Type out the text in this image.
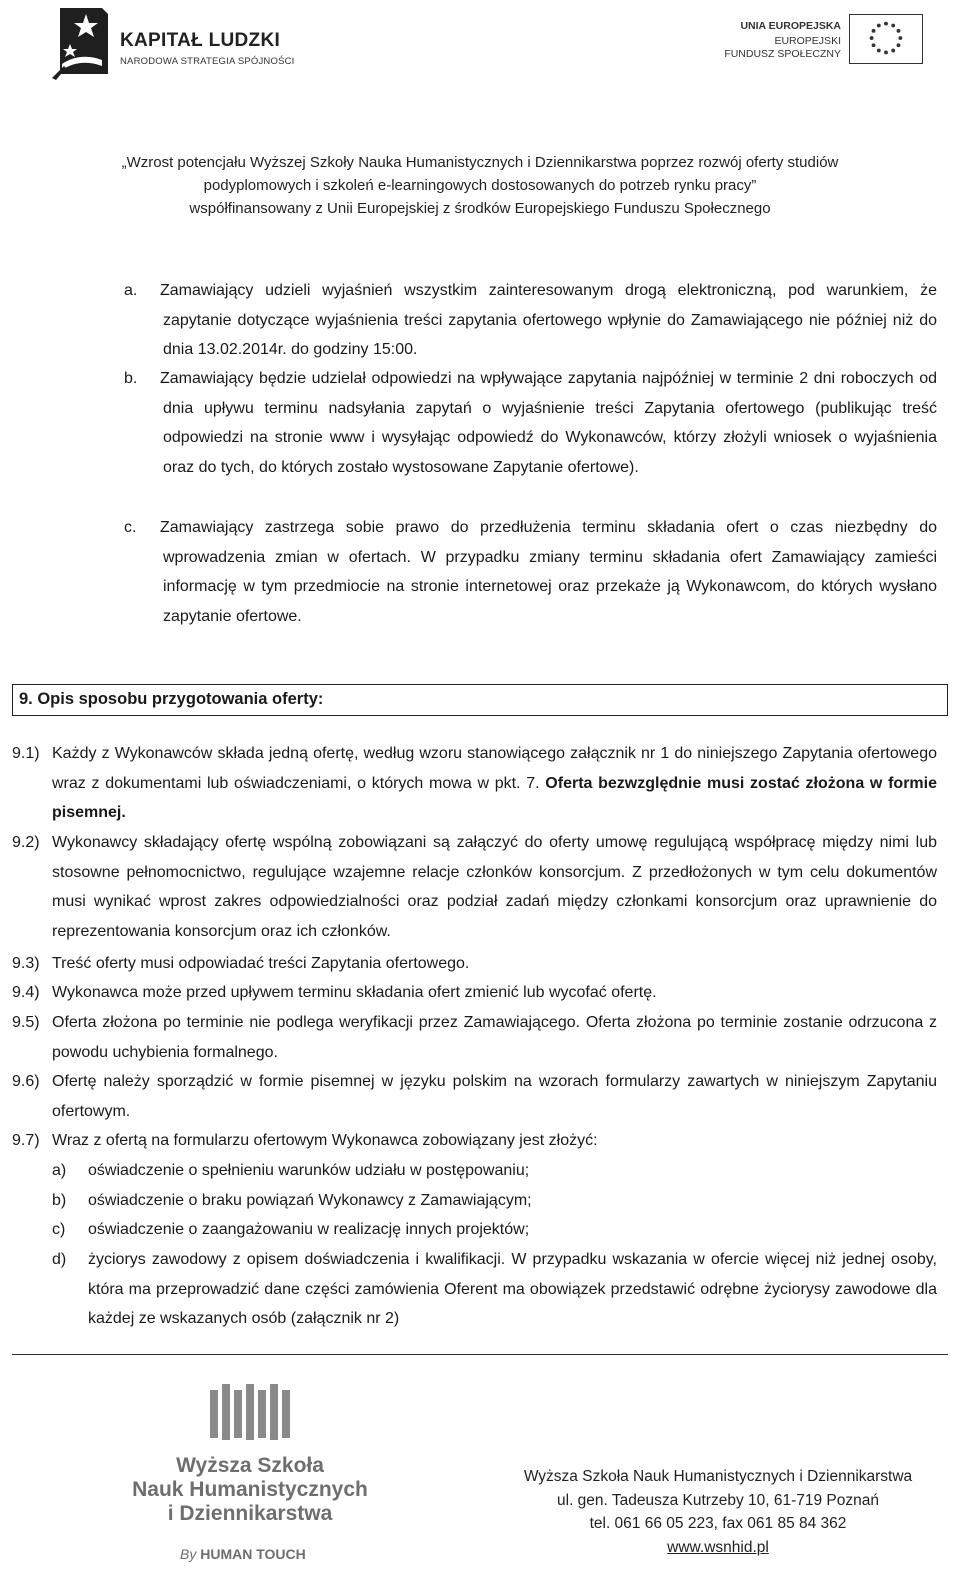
KAPITAŁ LUDZKI
NARODOWA STRATEGIA SPÓJNOŚCI
UNIA EUROPEJSKA
EUROPEJSKI
FUNDUSZ SPOŁECZNY
„Wzrost potencjału Wyższej Szkoły Nauka Humanistycznych i Dziennikarstwa poprzez rozwój oferty studiów
podyplomowych i szkoleń e-learningowych dostosowanych do potrzeb rynku pracy”
współfinansowany z Unii Europejskiej z środków Europejskiego Funduszu Społecznego
a. Zamawiający udzieli wyjaśnień wszystkim zainteresowanym drogą elektroniczną, pod warunkiem, że zapytanie dotyczące wyjaśnienia treści zapytania ofertowego wpłynie do Zamawiającego nie później niż do dnia 13.02.2014r. do godziny 15:00.
b. Zamawiający będzie udzielał odpowiedzi na wpływające zapytania najpóźniej w terminie 2 dni roboczych od dnia upływu terminu nadsyłania zapytań o wyjaśnienie treści Zapytania ofertowego (publikując treść odpowiedzi na stronie www i wysyłając odpowiedź do Wykonawców, którzy złożyli wniosek o wyjaśnienia oraz do tych, do których zostało wystosowane Zapytanie ofertowe).
c. Zamawiający zastrzega sobie prawo do przedłużenia terminu składania ofert o czas niezbędny do wprowadzenia zmian w ofertach. W przypadku zmiany terminu składania ofert Zamawiający zamieści informację w tym przedmiocie na stronie internetowej oraz przekaże ją Wykonawcom, do których wysłano zapytanie ofertowe.
9. Opis sposobu przygotowania oferty:
9.1) Każdy z Wykonawców składa jedną ofertę, według wzoru stanowiącego załącznik nr 1 do niniejszego Zapytania ofertowego wraz z dokumentami lub oświadczeniami, o których mowa w pkt. 7. Oferta bezwzględnie musi zostać złożona w formie pisemnej.
9.2) Wykonawcy składający ofertę wspólną zobowiązani są załączyć do oferty umowę regulującą współpracę między nimi lub stosowne pełnomocnictwo, regulujące wzajemne relacje członków konsorcjum. Z przedłożonych w tym celu dokumentów musi wynikać wprost zakres odpowiedzialności oraz podział zadań między członkami konsorcjum oraz uprawnienie do reprezentowania konsorcjum oraz ich członków.
9.3) Treść oferty musi odpowiadać treści Zapytania ofertowego.
9.4) Wykonawca może przed upływem terminu składania ofert zmienić lub wycofać ofertę.
9.5) Oferta złożona po terminie nie podlega weryfikacji przez Zamawiającego. Oferta złożona po terminie zostanie odrzucona z powodu uchybienia formalnego.
9.6) Ofertę należy sporządzić w formie pisemnej w języku polskim na wzorach formularzy zawartych w niniejszym Zapytaniu ofertowym.
9.7) Wraz z ofertą na formularzu ofertowym Wykonawca zobowiązany jest złożyć:
a) oświadczenie o spełnieniu warunków udziału w postępowaniu;
b) oświadczenie o braku powiązań Wykonawcy z Zamawiającym;
c) oświadczenie o zaangażowaniu w realizację innych projektów;
d) życiorys zawodowy z opisem doświadczenia i kwalifikacji. W przypadku wskazania w ofercie więcej niż jednej osoby, która ma przeprowadzić dane części zamówienia Oferent ma obowiązek przedstawić odrębne życiorysy zawodowe dla każdej ze wskazanych osób (załącznik nr 2)
Wyższa Szkoła
Nauk Humanistycznych
i Dziennikarstwa
By HUMAN TOUCH
Wyższa Szkoła Nauk Humanistycznych i Dziennikarstwa
ul. gen. Tadeusza Kutrzeby 10, 61-719 Poznań
tel. 061 66 05 223, fax 061 85 84 362
www.wsnhid.pl
